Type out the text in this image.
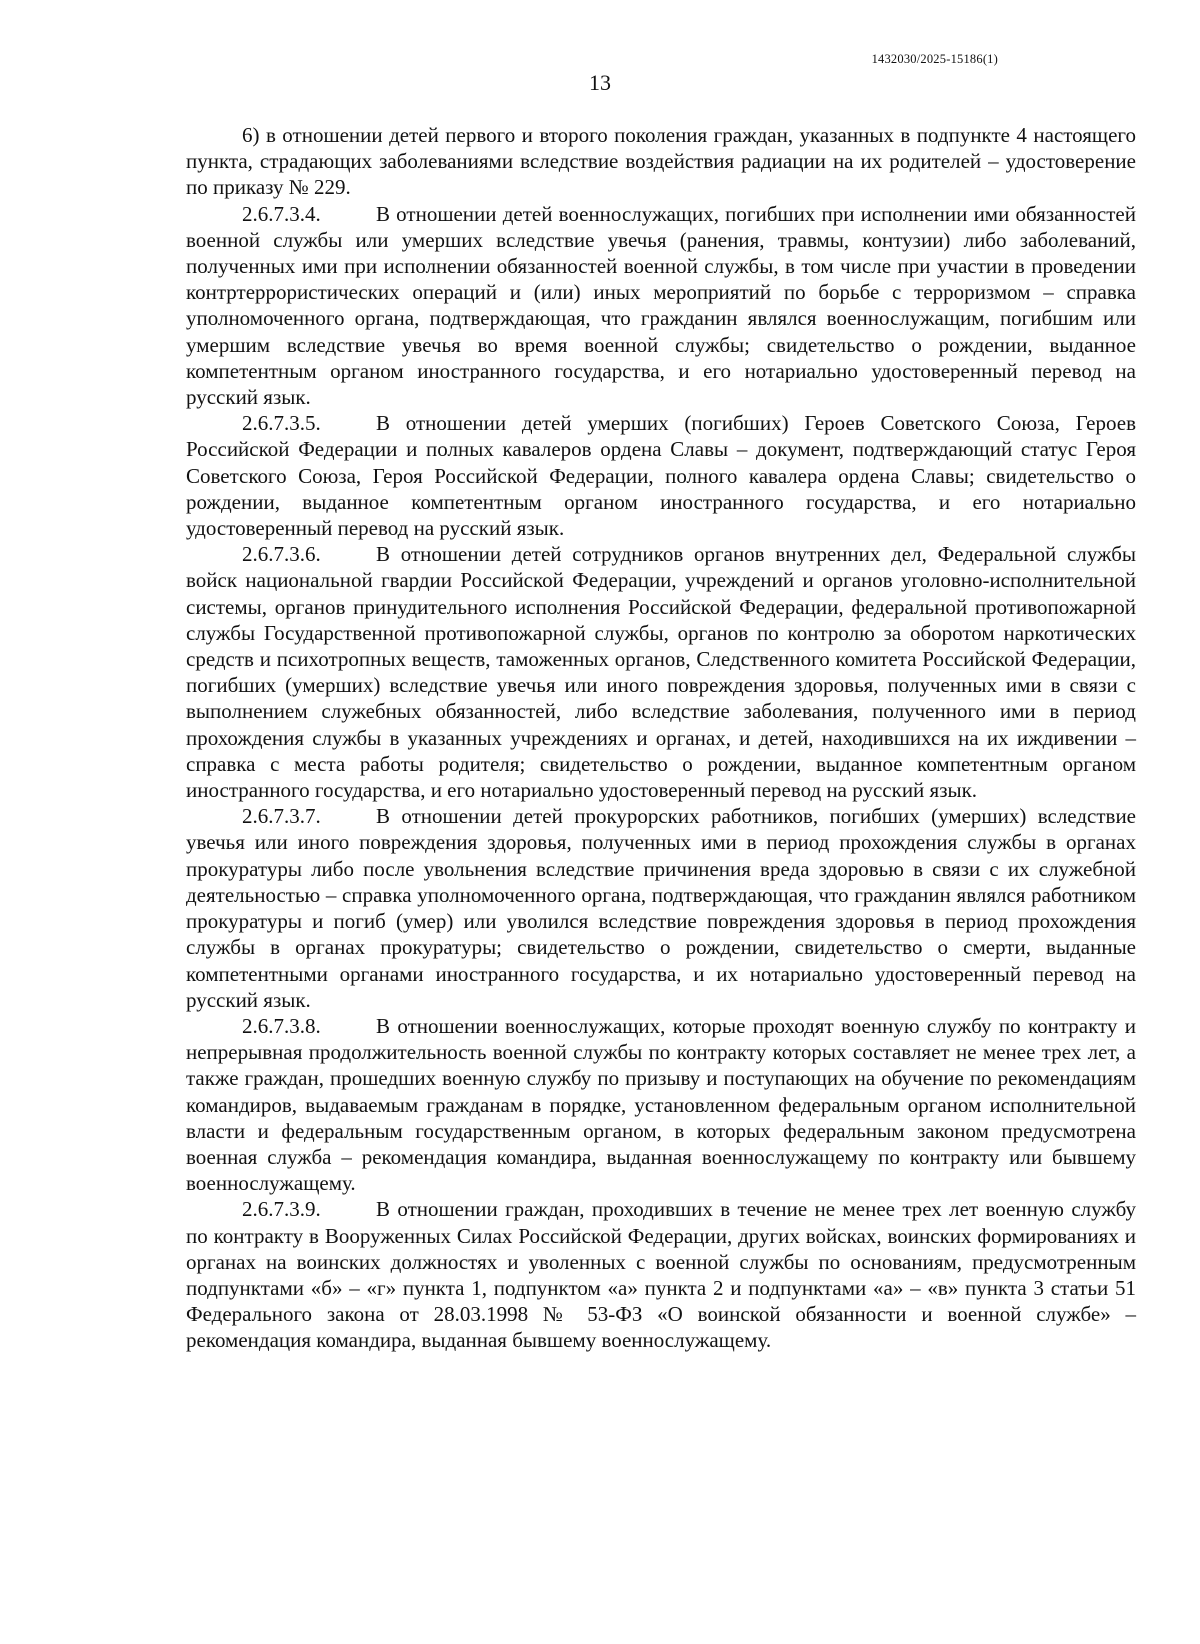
1432030/2025-15186(1)
13

6) в отношении детей первого и второго поколения граждан, указанных в подпункте 4 настоящего пункта, страдающих заболеваниями вследствие воздействия радиации на их родителей – удостоверение по приказу № 229.

2.6.7.3.4.	В отношении детей военнослужащих, погибших при исполнении ими обязанностей военной службы или умерших вследствие увечья (ранения, травмы, контузии) либо заболеваний, полученных ими при исполнении обязанностей военной службы, в том числе при участии в проведении контртеррористических операций и (или) иных мероприятий по борьбе с терроризмом – справка уполномоченного органа, подтверждающая, что гражданин являлся военнослужащим, погибшим или умершим вследствие увечья во время военной службы; свидетельство о рождении, выданное компетентным органом иностранного государства, и его нотариально удостоверенный перевод на русский язык.

2.6.7.3.5.	В отношении детей умерших (погибших) Героев Советского Союза, Героев Российской Федерации и полных кавалеров ордена Славы – документ, подтверждающий статус Героя Советского Союза, Героя Российской Федерации, полного кавалера ордена Славы; свидетельство о рождении, выданное компетентным органом иностранного государства, и его нотариально удостоверенный перевод на русский язык.

2.6.7.3.6.	В отношении детей сотрудников органов внутренних дел, Федеральной службы войск национальной гвардии Российской Федерации, учреждений и органов уголовно-исполнительной системы, органов принудительного исполнения Российской Федерации, федеральной противопожарной службы Государственной противопожарной службы, органов по контролю за оборотом наркотических средств и психотропных веществ, таможенных органов, Следственного комитета Российской Федерации, погибших (умерших) вследствие увечья или иного повреждения здоровья, полученных ими в связи с выполнением служебных обязанностей, либо вследствие заболевания, полученного ими в период прохождения службы в указанных учреждениях и органах, и детей, находившихся на их иждивении – справка с места работы родителя; свидетельство о рождении, выданное компетентным органом иностранного государства, и его нотариально удостоверенный перевод на русский язык.

2.6.7.3.7.	В отношении детей прокурорских работников, погибших (умерших) вследствие увечья или иного повреждения здоровья, полученных ими в период прохождения службы в органах прокуратуры либо после увольнения вследствие причинения вреда здоровью в связи с их служебной деятельностью – справка уполномоченного органа, подтверждающая, что гражданин являлся работником прокуратуры и погиб (умер) или уволился вследствие повреждения здоровья в период прохождения службы в органах прокуратуры; свидетельство о рождении, свидетельство о смерти, выданные компетентными органами иностранного государства, и их нотариально удостоверенный перевод на русский язык.

2.6.7.3.8.	В отношении военнослужащих, которые проходят военную службу по контракту и непрерывная продолжительность военной службы по контракту которых составляет не менее трех лет, а также граждан, прошедших военную службу по призыву и поступающих на обучение по рекомендациям командиров, выдаваемым гражданам в порядке, установленном федеральным органом исполнительной власти и федеральным государственным органом, в которых федеральным законом предусмотрена военная служба – рекомендация командира, выданная военнослужащему по контракту или бывшему военнослужащему.

2.6.7.3.9.	В отношении граждан, проходивших в течение не менее трех лет военную службу по контракту в Вооруженных Силах Российской Федерации, других войсках, воинских формированиях и органах на воинских должностях и уволенных с военной службы по основаниям, предусмотренным подпунктами «б» – «г» пункта 1, подпунктом «а» пункта 2 и подпунктами «а» – «в» пункта 3 статьи 51 Федерального закона от 28.03.1998 № 53-ФЗ «О воинской обязанности и военной службе» – рекомендация командира, выданная бывшему военнослужащему.
